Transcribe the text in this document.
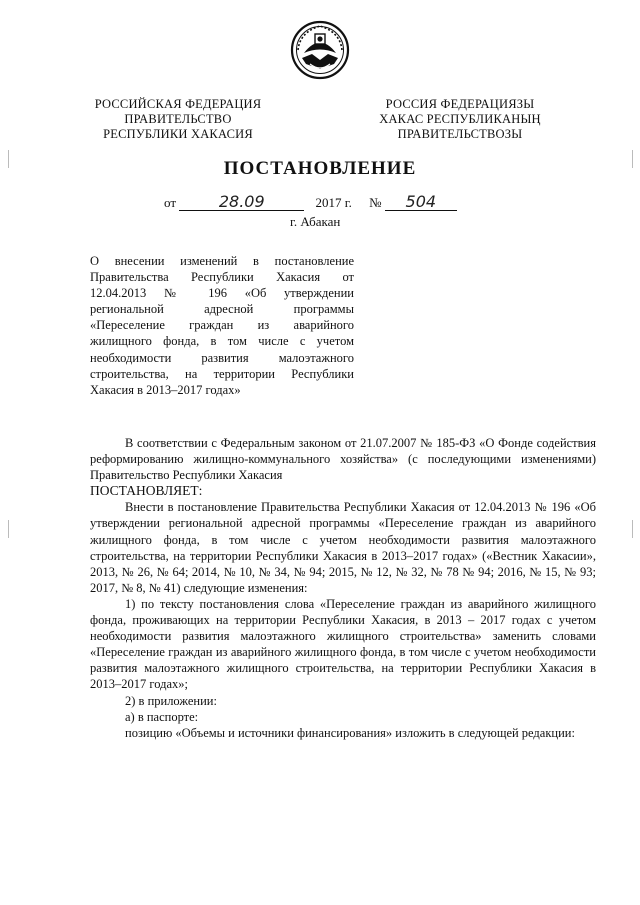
РОССИЙСКАЯ ФЕДЕРАЦИЯ
ПРАВИТЕЛЬСТВО
РЕСПУБЛИКИ ХАКАСИЯ
РОССИЯ ФЕДЕРАЦИЯЗЫ
ХАКАС РЕСПУБЛИКАНЫҢ
ПРАВИТЕЛЬСТВОЗЫ
ПОСТАНОВЛЕНИЕ
от	28.09	2017 г. №	504
г. Абакан
О внесении изменений в постановление Правительства Республики Хакасия от 12.04.2013 № 196 «Об утверждении региональной адресной программы «Переселение граждан из аварийного жилищного фонда, в том числе с учетом необходимости развития малоэтажного строительства, на территории Республики Хакасия в 2013–2017 годах»

В соответствии с Федеральным законом от 21.07.2007 № 185-ФЗ «О Фонде содействия реформированию жилищно-коммунального хозяйства» (с последующими изменениями) Правительство Республики Хакасия

ПОСТАНОВЛЯЕТ:

Внести в постановление Правительства Республики Хакасия от 12.04.2013 № 196 «Об утверждении региональной адресной программы «Переселение граждан из аварийного жилищного фонда, в том числе с учетом необходимости развития малоэтажного строительства, на территории Республики Хакасия в 2013–2017 годах» («Вестник Хакасии», 2013, № 26, № 64; 2014, № 10, № 34, № 94; 2015, № 12, № 32, № 78 № 94; 2016, № 15, № 93; 2017, № 8, № 41) следующие изменения:

1) по тексту постановления слова «Переселение граждан из аварийного жилищного фонда, проживающих на территории Республики Хакасия, в 2013 – 2017 годах с учетом необходимости развития малоэтажного жилищного строительства» заменить словами «Переселение граждан из аварийного жилищного фонда, в том числе с учетом необходимости развития малоэтажного жилищного строительства, на территории Республики Хакасия в 2013–2017 годах»;

2) в приложении:

а) в паспорте:

позицию «Объемы и источники финансирования» изложить в следующей редакции:
